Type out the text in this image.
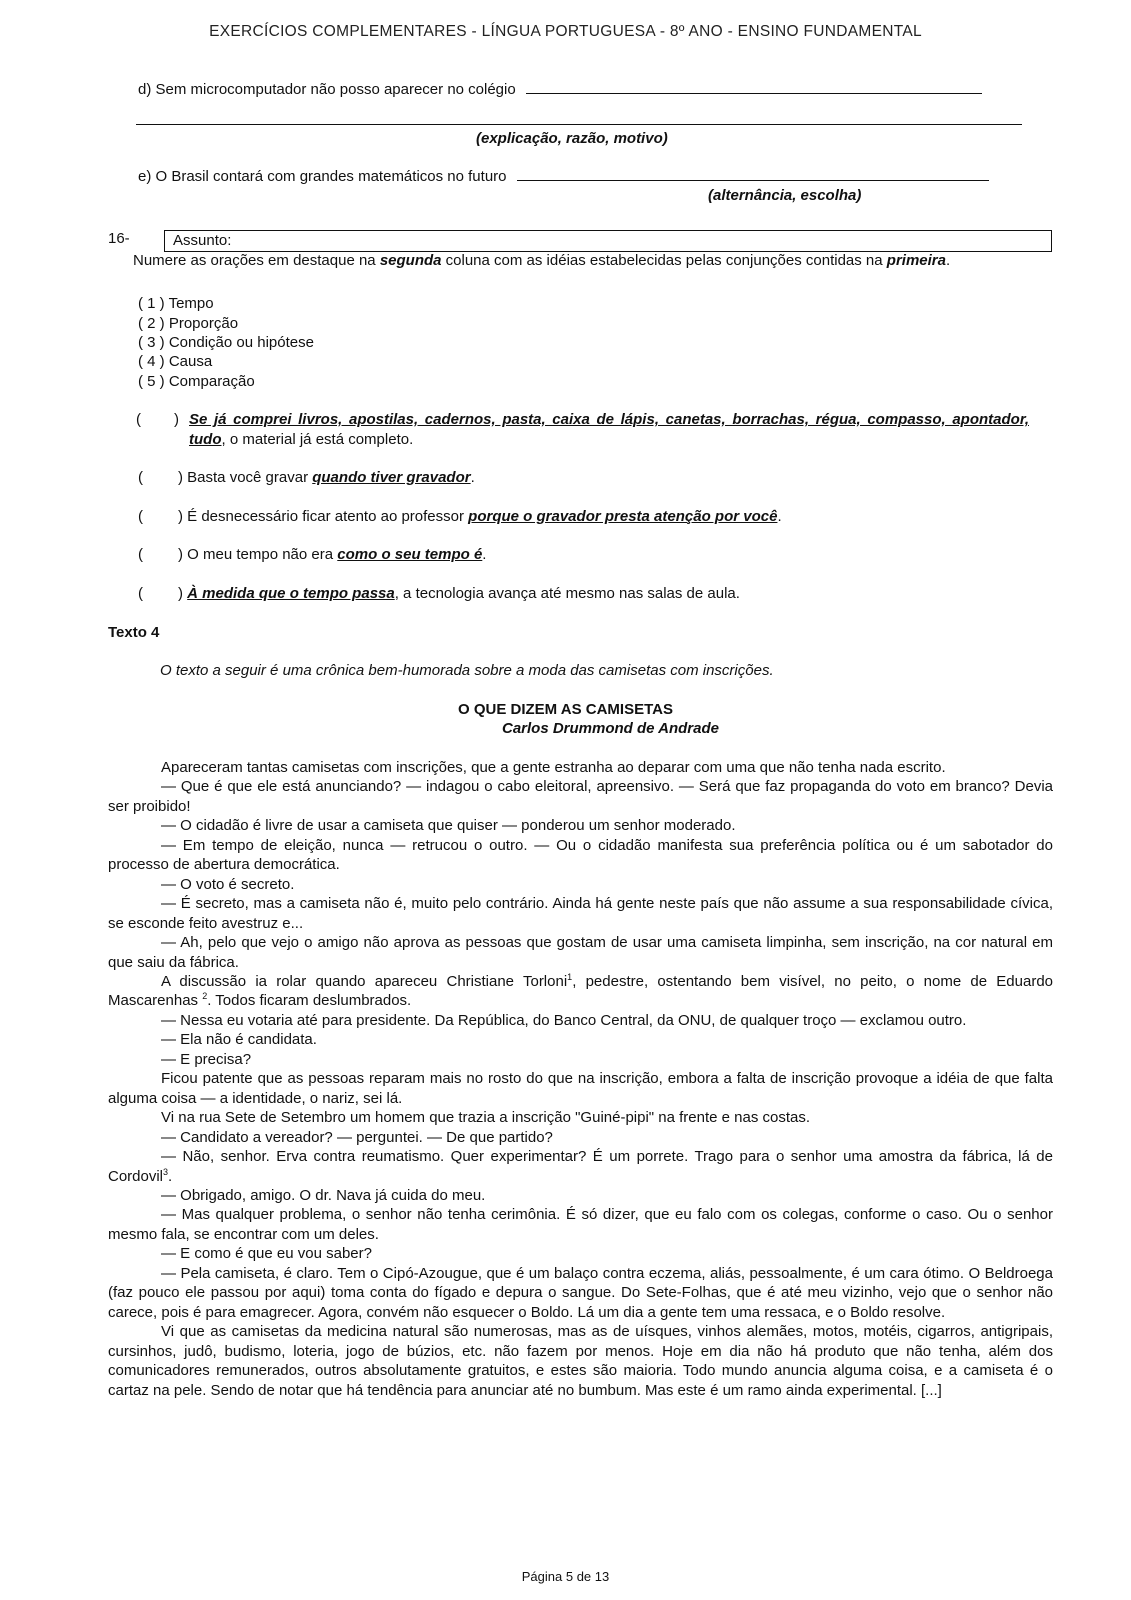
EXERCÍCIOS COMPLEMENTARES - LÍNGUA PORTUGUESA - 8º ANO - ENSINO FUNDAMENTAL
d) Sem microcomputador não posso aparecer no colégio
(explicação, razão, motivo)
e) O Brasil contará com grandes matemáticos no futuro
(alternância, escolha)
16-	Assunto:
Numere as orações em destaque na segunda coluna com as idéias estabelecidas pelas conjunções contidas na primeira.
( 1 ) Tempo
( 2 ) Proporção
( 3 ) Condição ou hipótese
( 4 ) Causa
( 5 ) Comparação
( ) Se já comprei livros, apostilas, cadernos, pasta, caixa de lápis, canetas, borrachas, régua, compasso, apontador, tudo, o material já está completo.
( ) Basta você gravar quando tiver gravador.
( ) É desnecessário ficar atento ao professor porque o gravador presta atenção por você.
( ) O meu tempo não era como o seu tempo é.
( ) À medida que o tempo passa, a tecnologia avança até mesmo nas salas de aula.
Texto 4
O texto a seguir é uma crônica bem-humorada sobre a moda das camisetas com inscrições.
O QUE DIZEM AS CAMISETAS
Carlos Drummond de Andrade

Apareceram tantas camisetas com inscrições, que a gente estranha ao deparar com uma que não tenha nada escrito.

— Que é que ele está anunciando? — indagou o cabo eleitoral, apreensivo. — Será que faz propaganda do voto em branco? Devia ser proibido!

— O cidadão é livre de usar a camiseta que quiser — ponderou um senhor moderado.

— Em tempo de eleição, nunca — retrucou o outro. — Ou o cidadão manifesta sua preferência política ou é um sabotador do processo de abertura democrática.

— O voto é secreto.

— É secreto, mas a camiseta não é, muito pelo contrário. Ainda há gente neste país que não assume a sua responsabilidade cívica, se esconde feito avestruz e...

— Ah, pelo que vejo o amigo não aprova as pessoas que gostam de usar uma camiseta limpinha, sem inscrição, na cor natural em que saiu da fábrica.

A discussão ia rolar quando apareceu Christiane Torloni$^1$, pedestre, ostentando bem visível, no peito, o nome de Eduardo Mascarenhas $^2$. Todos ficaram deslumbrados.

— Nessa eu votaria até para presidente. Da República, do Banco Central, da ONU, de qualquer troço — exclamou outro.

— Ela não é candidata.

— E precisa?

Ficou patente que as pessoas reparam mais no rosto do que na inscrição, embora a falta de inscrição provoque a idéia de que falta alguma coisa — a identidade, o nariz, sei lá.

Vi na rua Sete de Setembro um homem que trazia a inscrição "Guiné-pipi" na frente e nas costas.

— Candidato a vereador? — perguntei. — De que partido?

— Não, senhor. Erva contra reumatismo. Quer experimentar? É um porrete. Trago para o senhor uma amostra da fábrica, lá de Cordovil$^3$.

— Obrigado, amigo. O dr. Nava já cuida do meu.

— Mas qualquer problema, o senhor não tenha cerimônia. É só dizer, que eu falo com os colegas, conforme o caso. Ou o senhor mesmo fala, se encontrar com um deles.

— E como é que eu vou saber?

— Pela camiseta, é claro. Tem o Cipó-Azougue, que é um balaço contra eczema, aliás, pessoalmente, é um cara ótimo. O Beldroega (faz pouco ele passou por aqui) toma conta do fígado e depura o sangue. Do Sete-Folhas, que é até meu vizinho, vejo que o senhor não carece, pois é para emagrecer. Agora, convém não esquecer o Boldo. Lá um dia a gente tem uma ressaca, e o Boldo resolve.

Vi que as camisetas da medicina natural são numerosas, mas as de uísques, vinhos alemães, motos, motéis, cigarros, antigripais, cursinhos, judô, budismo, loteria, jogo de búzios, etc. não fazem por menos. Hoje em dia não há produto que não tenha, além dos comunicadores remunerados, outros absolutamente gratuitos, e estes são maioria. Todo mundo anuncia alguma coisa, e a camiseta é o cartaz na pele. Sendo de notar que há tendência para anunciar até no bumbum. Mas este é um ramo ainda experimental. [...]

Página 5 de 13
